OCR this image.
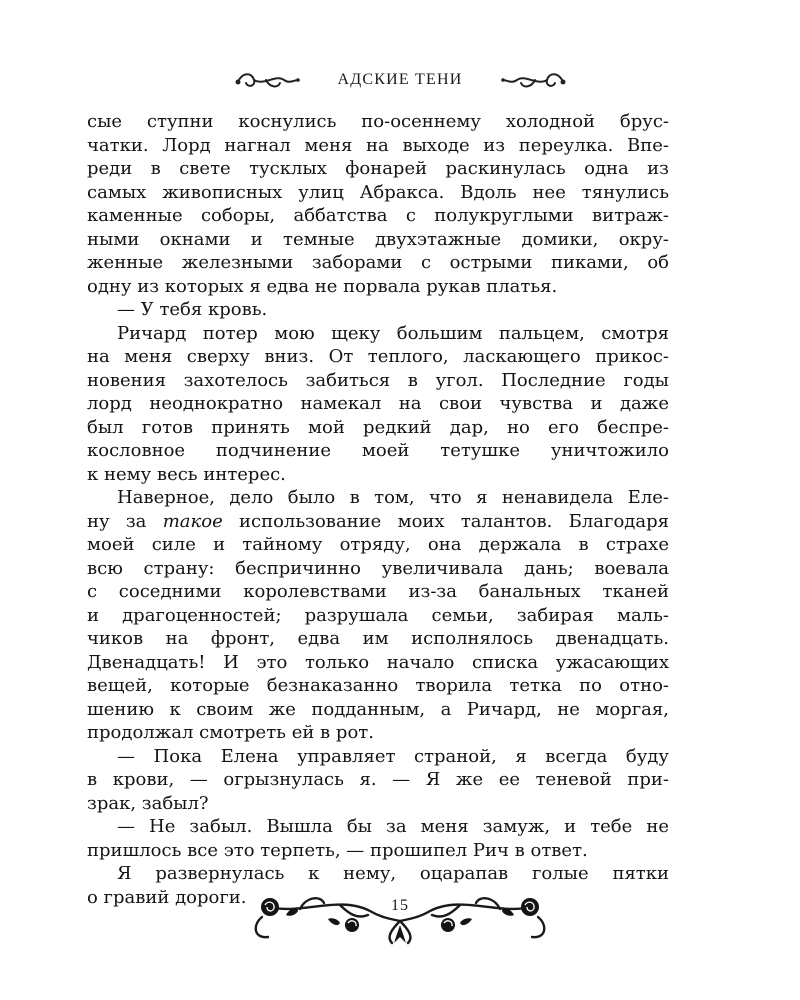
АДСКИЕ ТЕНИ
сые ступни коснулись по-осеннему холодной брус-
чатки. Лорд нагнал меня на выходе из переулка. Впе-
реди в свете тусклых фонарей раскинулась одна из
самых живописных улиц Абракса. Вдоль нее тянулись
каменные соборы, аббатства с полукруглыми витраж-
ными окнами и темные двухэтажные домики, окру-
женные железными заборами с острыми пиками, об
одну из которых я едва не порвала рукав платья.
— У тебя кровь.
Ричард потер мою щеку большим пальцем, смотря
на меня сверху вниз. От теплого, ласкающего прикос-
новения захотелось забиться в угол. Последние годы
лорд неоднократно намекал на свои чувства и даже
был готов принять мой редкий дар, но его беспре-
кословное подчинение моей тетушке уничтожило
к нему весь интерес.
Наверное, дело было в том, что я ненавидела Еле-
ну за такое использование моих талантов. Благодаря
моей силе и тайному отряду, она держала в страхе
всю страну: беспричинно увеличивала дань; воевала
с соседними королевствами из-за банальных тканей
и драгоценностей; разрушала семьи, забирая маль-
чиков на фронт, едва им исполнялось двенадцать.
Двенадцать! И это только начало списка ужасающих
вещей, которые безнаказанно творила тетка по отно-
шению к своим же подданным, а Ричард, не моргая,
продолжал смотреть ей в рот.
— Пока Елена управляет страной, я всегда буду
в крови, — огрызнулась я. — Я же ее теневой при-
зрак, забыл?
— Не забыл. Вышла бы за меня замуж, и тебе не
пришлось все это терпеть, — прошипел Рич в ответ.
Я развернулась к нему, оцарапав голые пятки
о гравий дороги.	15
